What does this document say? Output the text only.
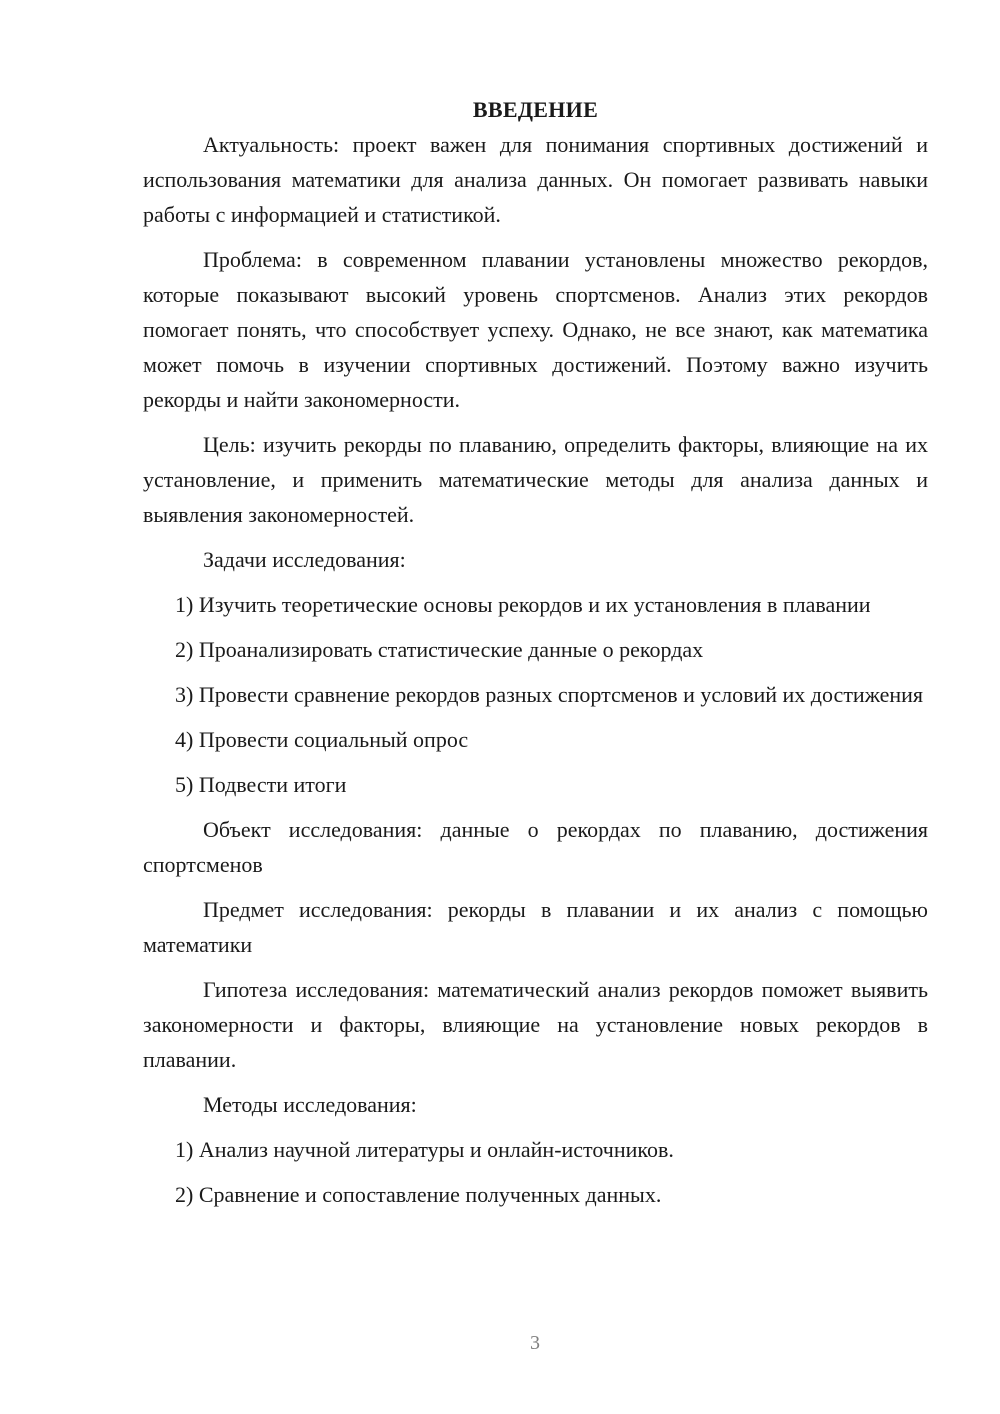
ВВЕДЕНИЕ

Актуальность: проект важен для понимания спортивных достижений и использования математики для анализа данных. Он помогает развивать навыки работы с информацией и статистикой.

Проблема: в современном плавании установлены множество рекордов, которые показывают высокий уровень спортсменов. Анализ этих рекордов помогает понять, что способствует успеху. Однако, не все знают, как математика может помочь в изучении спортивных достижений. Поэтому важно изучить рекорды и найти закономерности.

Цель: изучить рекорды по плаванию, определить факторы, влияющие на их установление, и применить математические методы для анализа данных и выявления закономерностей.

Задачи исследования:

1) Изучить теоретические основы рекордов и их установления в плавании

2) Проанализировать статистические данные о рекордах

3) Провести сравнение рекордов разных спортсменов и условий их достижения

4) Провести социальный опрос

5) Подвести итоги

Объект исследования: данные о рекордах по плаванию, достижения спортсменов

Предмет исследования: рекорды в плавании и их анализ с помощью математики

Гипотеза исследования: математический анализ рекордов поможет выявить закономерности и факторы, влияющие на установление новых рекордов в плавании.

Методы исследования:

1) Анализ научной литературы и онлайн-источников.

2) Сравнение и сопоставление полученных данных.

3
